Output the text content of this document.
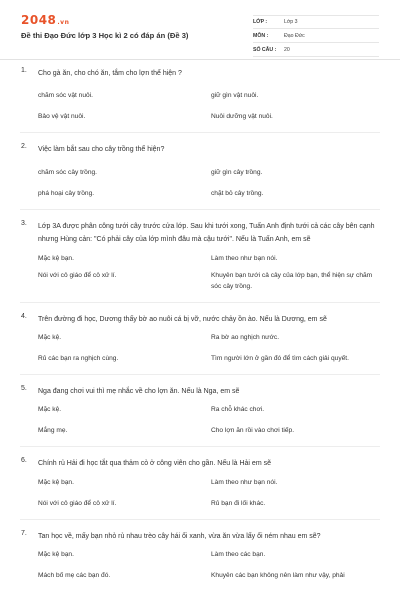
2048.vn
Đề thi Đạo Đức lớp 3 Học kì 2 có đáp án (Đề 3)
LỚP :	Lớp 3
MÔN :	Đạo Đức
SỐ CÂU :	20
1. Cho gà ăn, cho chó ăn, tắm cho lợn thể hiện ?
chăm sóc vật nuôi.	giữ gìn vật nuôi.
Bảo vệ vật nuôi.	Nuôi dưỡng vật nuôi.
2. Việc làm bắt sau cho cây trồng thể hiện?
chăm sóc cây trồng.	giữ gìn cây trồng.
phá hoại cây trồng.	chặt bỏ cây trồng.
3. Lớp 3A được phân công tưới cây trước cửa lớp. Sau khi tưới xong, Tuấn Anh định tưới cả các cây bên cạnh nhưng Hùng cản: "Có phải cây của lớp mình đâu mà cậu tưới". Nếu là Tuấn Anh, em sẽ
Mặc kệ bạn.	Làm theo như bạn nói.
Nói với cô giáo để cô xử lí.	Khuyên bạn tưới cả cây của lớp bạn, thể hiện sự chăm sóc cây trồng.
4. Trên đường đi học, Dương thấy bờ ao nuôi cá bị vỡ, nước chảy ồn ào. Nếu là Dương, em sẽ
Mặc kệ.	Ra bờ ao nghịch nước.
Rủ các bạn ra nghịch cùng.	Tìm người lớn ở gần đó để tìm cách giải quyết.
5. Nga đang chơi vui thì mẹ nhắc về cho lợn ăn. Nếu là Nga, em sẽ
Mặc kệ.	Ra chỗ khác chơi.
Mắng mẹ.	Cho lợn ăn rồi vào chơi tiếp.
6. Chính rủ Hải đi học tắt qua thảm cỏ ở công viên cho gần. Nếu là Hải em sẽ
Mặc kệ bạn.	Làm theo như bạn nói.
Nói với cô giáo để cô xử lí.	Rủ bạn đi lối khác.
7. Tan học về, mấy bạn nhỏ rủ nhau trèo cây hái ổi xanh, vừa ăn vừa lấy ổi ném nhau em sẽ?
Mặc kệ bạn.	Làm theo các bạn.
Mách bố mẹ các bạn đó.	Khuyên các bạn không nên làm như vậy, phải
